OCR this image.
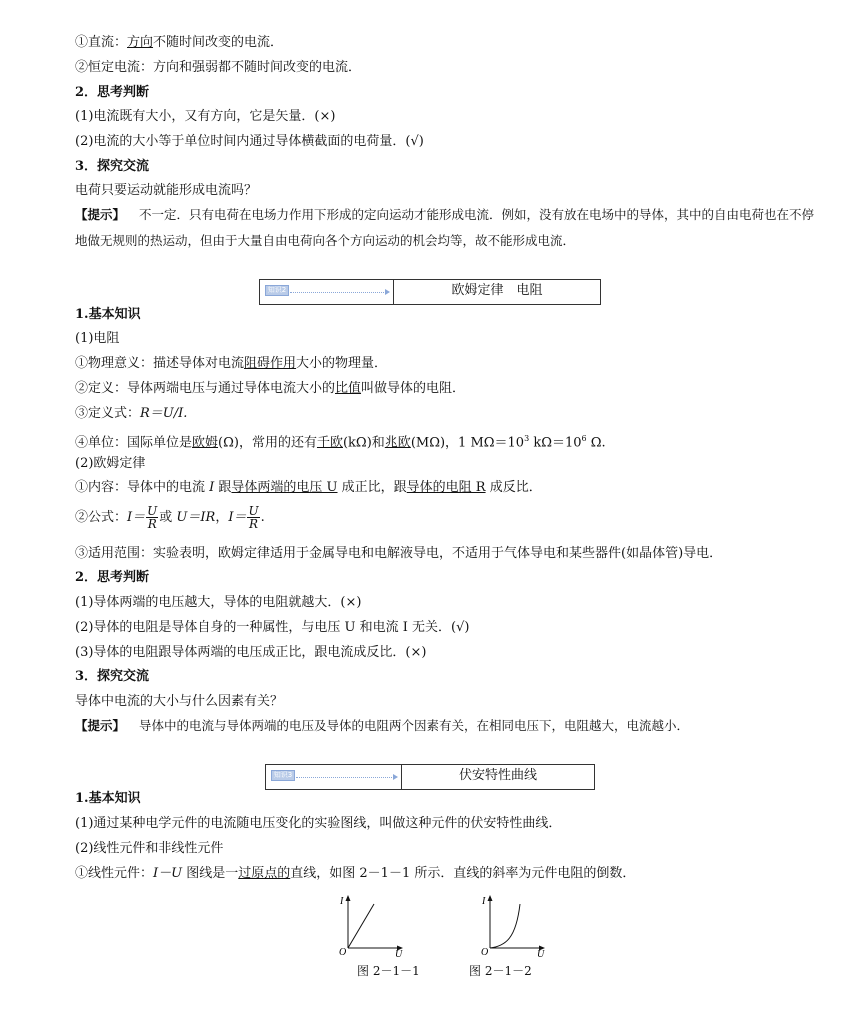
①直流：方向不随时间改变的电流．
②恒定电流：方向和强弱都不随时间改变的电流．
2．思考判断
(1)电流既有大小，又有方向，它是矢量．(×)
(2)电流的大小等于单位时间内通过导体横截面的电荷量．(√)
3．探究交流
电荷只要运动就能形成电流吗？
【提示】 不一定．只有电荷在电场力作用下形成的定向运动才能形成电流．例如，没有放在电场中的导体，其中的自由电荷也在不停地做无规则的热运动，但由于大量自由电荷向各个方向运动的机会均等，故不能形成电流．
知识2	欧姆定律　电阻
1.基本知识
(1)电阻
①物理意义：描述导体对电流阻碍作用大小的物理量．
②定义：导体两端电压与通过导体电流大小的比值叫做导体的电阻．
③定义式：R＝U/I.
④单位：国际单位是欧姆(Ω)，常用的还有千欧(kΩ)和兆欧(MΩ)，1 $M\Omega=10^3$ $k\Omega=10^6$ Ω.
(2)欧姆定律
①内容：导体中的电流 I 跟导体两端的电压 U 成正比，跟导体的电阻 R 成反比．
②公式：$I= \frac{U}{R}$ 或 U＝IR，$I= \frac{U}{R}$ .
③适用范围：实验表明，欧姆定律适用于金属导电和电解液导电，不适用于气体导电和某些器件(如晶体管)导电．
2．思考判断
(1)导体两端的电压越大，导体的电阻就越大．(×)
(2)导体的电阻是导体自身的一种属性，与电压 U 和电流 I 无关．(√)
(3)导体的电阻跟导体两端的电压成正比，跟电流成反比．(×)
3．探究交流
导体中电流的大小与什么因素有关？
【提示】 导体中的电流与导体两端的电压及导体的电阻两个因素有关，在相同电压下，电阻越大，电流越小．
知识3	伏安特性曲线
1.基本知识
(1)通过某种电学元件的电流随电压变化的实验图线，叫做这种元件的伏安特性曲线．
(2)线性元件和非线性元件
①线性元件：I－U 图线是一过原点的直线，如图 2－1－1 所示．直线的斜率为元件电阻的倒数．
I
O	U
图 2－1－1
I
O	U
图 2－1－2
